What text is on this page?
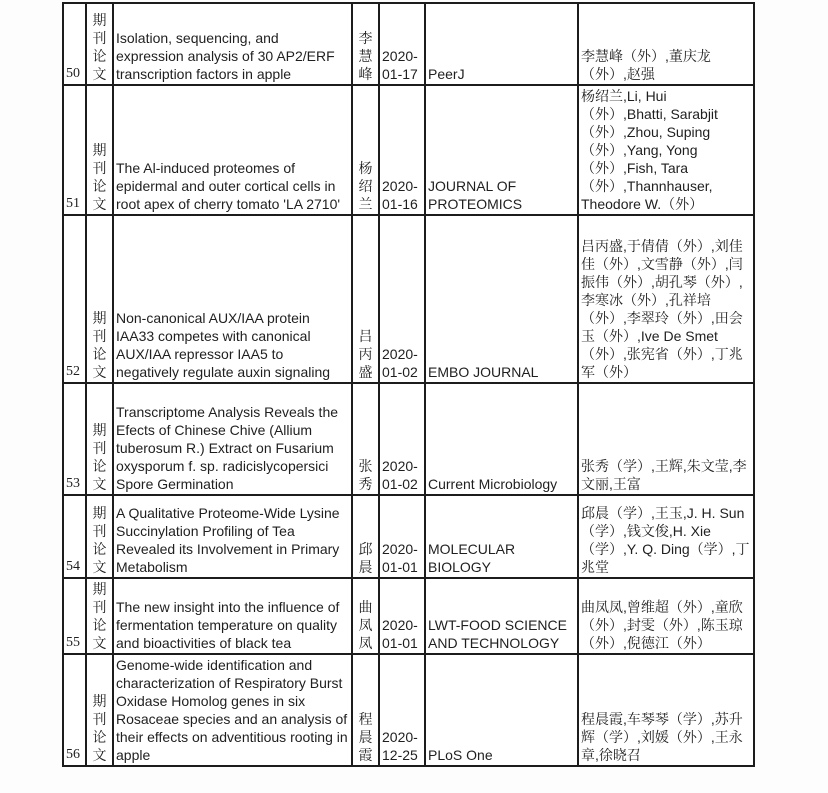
50	期刊论文	Isolation, sequencing, and expression analysis of 30 AP2/ERF transcription factors in apple	李慧峰	2020-01-17	PeerJ	李慧峰（外）,董庆龙（外）,赵强
51	期刊论文	The Al-induced proteomes of epidermal and outer cortical cells in root apex of cherry tomato 'LA 2710'	杨绍兰	2020-01-16	JOURNAL OF PROTEOMICS	杨绍兰,Li, Hui（外）,Bhatti, Sarabjit（外）,Zhou, Suping（外）,Yang, Yong（外）,Fish, Tara（外）,Thannhauser, Theodore W.（外）
52	期刊论文	Non-canonical AUX/IAA protein IAA33 competes with canonical AUX/IAA repressor IAA5 to negatively regulate auxin signaling	吕丙盛	2020-01-02	EMBO JOURNAL	吕丙盛,于倩倩（外）,刘佳佳（外）,文雪静（外）,闫振伟（外）,胡孔琴（外）,李寒冰（外）,孔祥培（外）,李翠玲（外）,田会玉（外）,Ive De Smet（外）,张宪省（外）,丁兆军（外）
53	期刊论文	Transcriptome Analysis Reveals the Efects of Chinese Chive (Allium tuberosum R.) Extract on Fusarium oxysporum f. sp. radicislycopersici Spore Germination	张秀	2020-01-02	Current Microbiology	张秀（学）,王辉,朱文莹,李文丽,王富
54	期刊论文	A Qualitative Proteome-Wide Lysine Succinylation Profiling of Tea Revealed its Involvement in Primary Metabolism	邱晨	2020-01-01	MOLECULAR BIOLOGY	邱晨（学）,王玉,J. H. Sun（学）,钱文俊,H. Xie（学）,Y. Q. Ding（学）,丁兆堂
55	期刊论文	The new insight into the influence of fermentation temperature on quality and bioactivities of black tea	曲凤凤	2020-01-01	LWT-FOOD SCIENCE AND TECHNOLOGY	曲凤凤,曾维超（外）,童欣（外）,封雯（外）,陈玉琼（外）,倪德江（外）
56	期刊论文	Genome-wide identification and characterization of Respiratory Burst Oxidase Homolog genes in six Rosaceae species and an analysis of their effects on adventitious rooting in apple	程晨霞	2020-12-25	PLoS One	程晨霞,车琴琴（学）,苏升辉（学）,刘媛（外）,王永章,徐晓召
